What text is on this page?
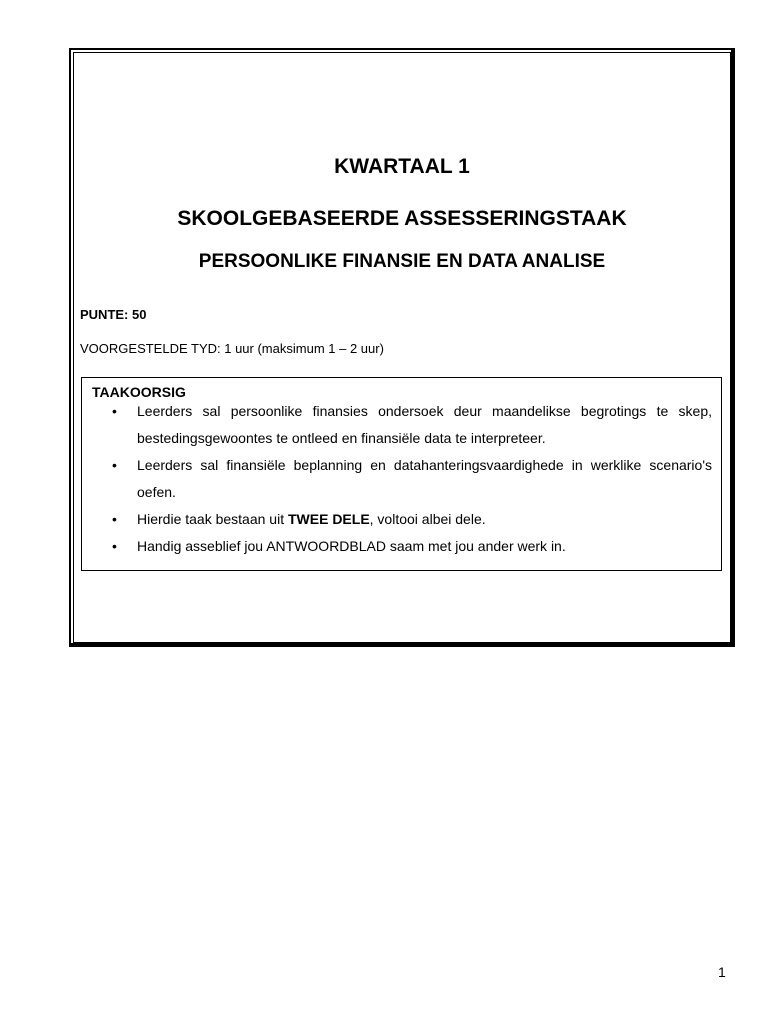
KWARTAAL 1
SKOOLGEBASEERDE ASSESSERINGSTAAK
PERSOONLIKE FINANSIE EN DATA ANALISE

PUNTE: 50

VOORGESTELDE TYD: 1 uur (maksimum 1 – 2 uur)

TAAKOORSIG

• Leerders sal persoonlike finansies ondersoek deur maandelikse begrotings te skep, bestedingsgewoontes te ontleed en finansiële data te interpreteer.
• Leerders sal finansiële beplanning en datahanteringsvaardighede in werklike scenario's oefen.
• Hierdie taak bestaan uit TWEE DELE, voltooi albei dele.
• Handig asseblief jou ANTWOORDBLAD saam met jou ander werk in.

1
